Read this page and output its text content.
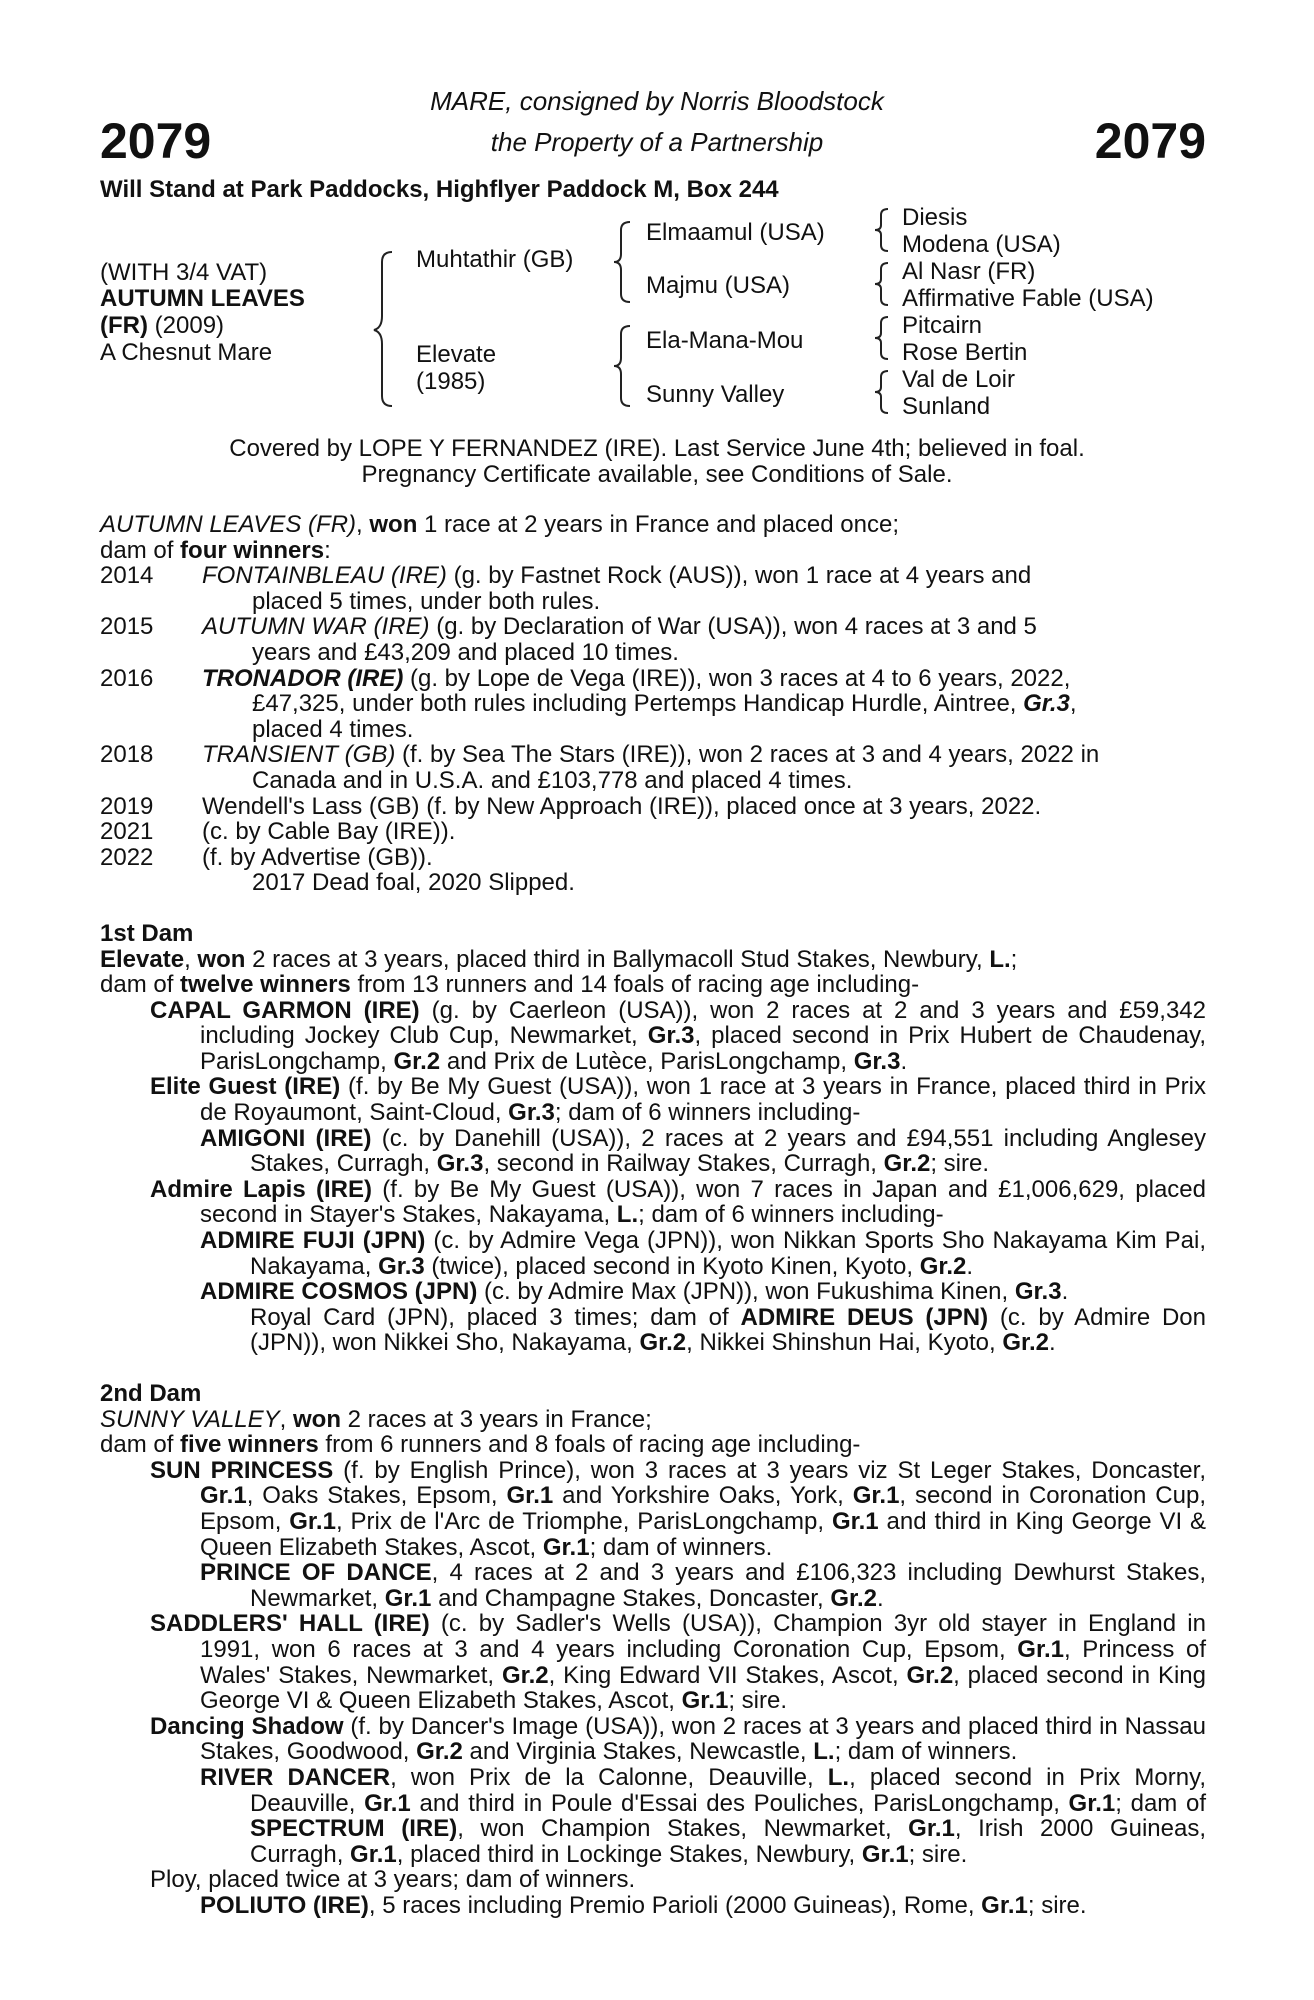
2079	2079
MARE, consigned by Norris Bloodstock
the Property of a Partnership
Will Stand at Park Paddocks, Highflyer Paddock M, Box 244
(WITH 3/4 VAT)
AUTUMN LEAVES
(FR) (2009)
A Chesnut Mare
Muhtathir (GB)
Elevate
(1985)
Elmaamul (USA)
Majmu (USA)
Ela-Mana-Mou
Sunny Valley
Diesis
Modena (USA)
Al Nasr (FR)
Affirmative Fable (USA)
Pitcairn
Rose Bertin
Val de Loir
Sunland
Covered by LOPE Y FERNANDEZ (IRE). Last Service June 4th; believed in foal.
Pregnancy Certificate available, see Conditions of Sale.

AUTUMN LEAVES (FR), won 1 race at 2 years in France and placed once;

dam of four winners:

2014	FONTAINBLEAU (IRE) (g. by Fastnet Rock (AUS)), won 1 race at 4 years and
placed 5 times, under both rules.
2015	AUTUMN WAR (IRE) (g. by Declaration of War (USA)), won 4 races at 3 and 5
years and £43,209 and placed 10 times.
2016	TRONADOR (IRE) (g. by Lope de Vega (IRE)), won 3 races at 4 to 6 years, 2022,
£47,325, under both rules including Pertemps Handicap Hurdle, Aintree, Gr.3,
placed 4 times.
2018	TRANSIENT (GB) (f. by Sea The Stars (IRE)), won 2 races at 3 and 4 years, 2022 in
Canada and in U.S.A. and £103,778 and placed 4 times.
2019	Wendell's Lass (GB) (f. by New Approach (IRE)), placed once at 3 years, 2022.
2021	(c. by Cable Bay (IRE)).
2022	(f. by Advertise (GB)).
2017 Dead foal, 2020 Slipped.

1st Dam

Elevate, won 2 races at 3 years, placed third in Ballymacoll Stud Stakes, Newbury, L.;

dam of twelve winners from 13 runners and 14 foals of racing age including-

CAPAL GARMON (IRE) (g. by Caerleon (USA)), won 2 races at 2 and 3 years and £59,342 including Jockey Club Cup, Newmarket, Gr.3, placed second in Prix Hubert de Chaudenay, ParisLongchamp, Gr.2 and Prix de Lutèce, ParisLongchamp, Gr.3.

Elite Guest (IRE) (f. by Be My Guest (USA)), won 1 race at 3 years in France, placed third in Prix de Royaumont, Saint-Cloud, Gr.3; dam of 6 winners including-

AMIGONI (IRE) (c. by Danehill (USA)), 2 races at 2 years and £94,551 including Anglesey Stakes, Curragh, Gr.3, second in Railway Stakes, Curragh, Gr.2; sire.

Admire Lapis (IRE) (f. by Be My Guest (USA)), won 7 races in Japan and £1,006,629, placed second in Stayer's Stakes, Nakayama, L.; dam of 6 winners including-

ADMIRE FUJI (JPN) (c. by Admire Vega (JPN)), won Nikkan Sports Sho Nakayama Kim Pai, Nakayama, Gr.3 (twice), placed second in Kyoto Kinen, Kyoto, Gr.2.

ADMIRE COSMOS (JPN) (c. by Admire Max (JPN)), won Fukushima Kinen, Gr.3.

Royal Card (JPN), placed 3 times; dam of ADMIRE DEUS (JPN) (c. by Admire Don (JPN)), won Nikkei Sho, Nakayama, Gr.2, Nikkei Shinshun Hai, Kyoto, Gr.2.

2nd Dam

SUNNY VALLEY, won 2 races at 3 years in France;

dam of five winners from 6 runners and 8 foals of racing age including-

SUN PRINCESS (f. by English Prince), won 3 races at 3 years viz St Leger Stakes, Doncaster, Gr.1, Oaks Stakes, Epsom, Gr.1 and Yorkshire Oaks, York, Gr.1, second in Coronation Cup, Epsom, Gr.1, Prix de l'Arc de Triomphe, ParisLongchamp, Gr.1 and third in King George VI & Queen Elizabeth Stakes, Ascot, Gr.1; dam of winners.

PRINCE OF DANCE, 4 races at 2 and 3 years and £106,323 including Dewhurst Stakes, Newmarket, Gr.1 and Champagne Stakes, Doncaster, Gr.2.

SADDLERS' HALL (IRE) (c. by Sadler's Wells (USA)), Champion 3yr old stayer in England in 1991, won 6 races at 3 and 4 years including Coronation Cup, Epsom, Gr.1, Princess of Wales' Stakes, Newmarket, Gr.2, King Edward VII Stakes, Ascot, Gr.2, placed second in King George VI & Queen Elizabeth Stakes, Ascot, Gr.1; sire.

Dancing Shadow (f. by Dancer's Image (USA)), won 2 races at 3 years and placed third in Nassau Stakes, Goodwood, Gr.2 and Virginia Stakes, Newcastle, L.; dam of winners.

RIVER DANCER, won Prix de la Calonne, Deauville, L., placed second in Prix Morny, Deauville, Gr.1 and third in Poule d'Essai des Pouliches, ParisLongchamp, Gr.1; dam of SPECTRUM (IRE), won Champion Stakes, Newmarket, Gr.1, Irish 2000 Guineas, Curragh, Gr.1, placed third in Lockinge Stakes, Newbury, Gr.1; sire.

Ploy, placed twice at 3 years; dam of winners.

POLIUTO (IRE), 5 races including Premio Parioli (2000 Guineas), Rome, Gr.1; sire.
